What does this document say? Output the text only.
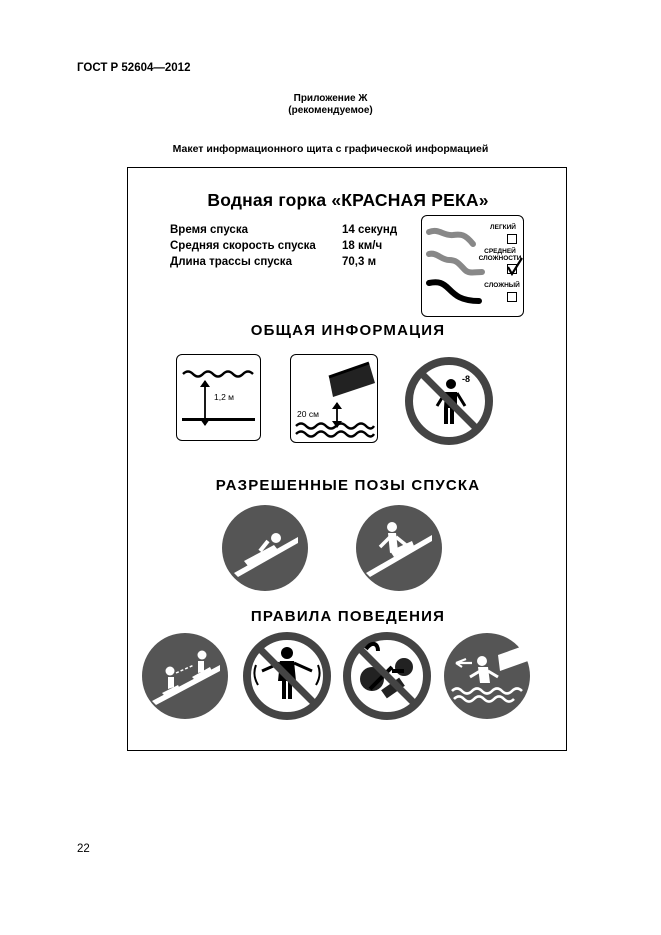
ГОСТ Р 52604—2012
Приложение Ж
(рекомендуемое)
Макет информационного щита с графической информацией
Водная горка «КРАСНАЯ РЕКА»
Время спуска	14 секунд
Средняя скорость спуска	18 км/ч
Длина трассы спуска	70,3 м
ЛЕГКИЙ
СРЕДНЕЙ
СЛОЖНОСТИ
СЛОЖНЫЙ
ОБЩАЯ ИНФОРМАЦИЯ
1,2 м
20 см
-8
РАЗРЕШЕННЫЕ ПОЗЫ СПУСКА
ПРАВИЛА ПОВЕДЕНИЯ
22
